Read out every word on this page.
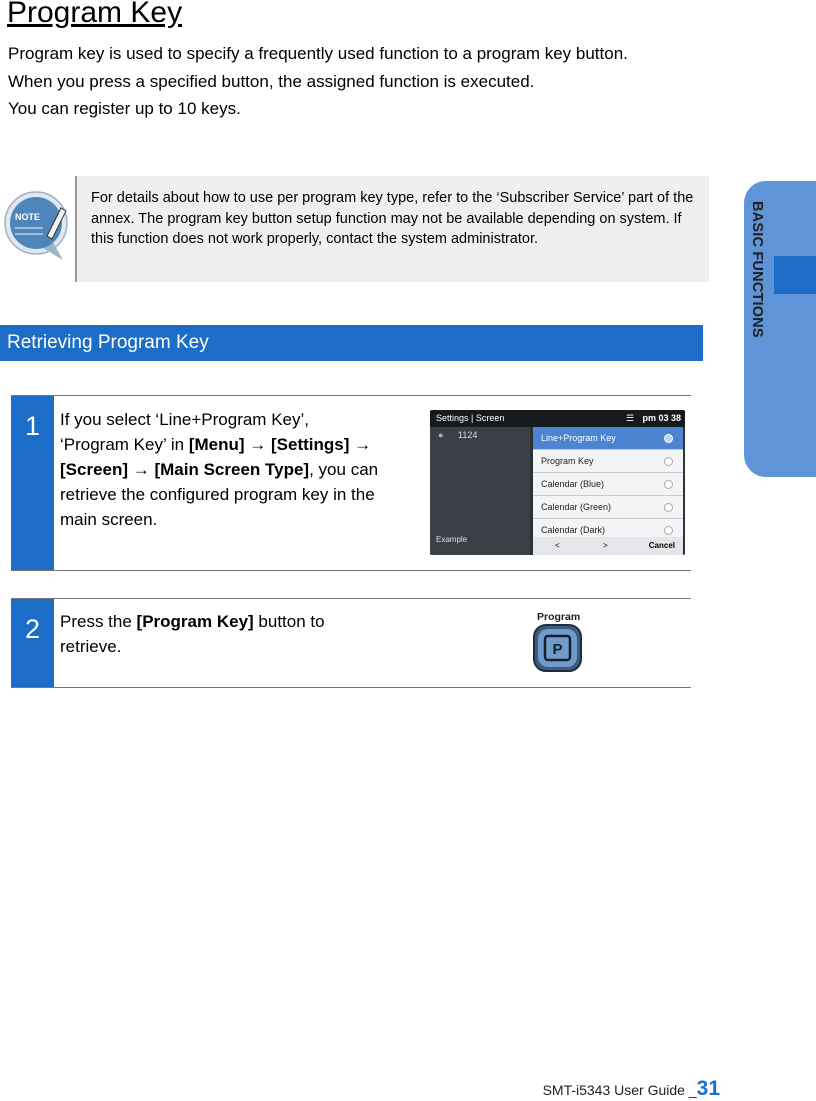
Program Key
Program key is used to specify a frequently used function to a program key button.
When you press a specified button, the assigned function is executed.
You can register up to 10 keys.
NOTE
For details about how to use per program key type, refer to the ‘Subscriber Service’ part of the annex. The program key button setup function may not be available depending on system. If this function does not work properly, contact the system administrator.
Retrieving Program Key
1	If you select ‘Line+Program Key’,
‘Program Key’ in [Menu] → [Settings] →
[Screen] → [Main Screen Type], you can
retrieve the configured program key in the
main screen.
Settings | Screen	☰ pm 03 38
● 1124
Example
Line+Program Key
Program Key
Calendar (Blue)
Calendar (Green)
Calendar (Dark)
<	>	Cancel
2	Press the [Program Key] button to
retrieve.
Program
P
BASIC FUNCTIONS
SMT-i5343 User Guide _31
